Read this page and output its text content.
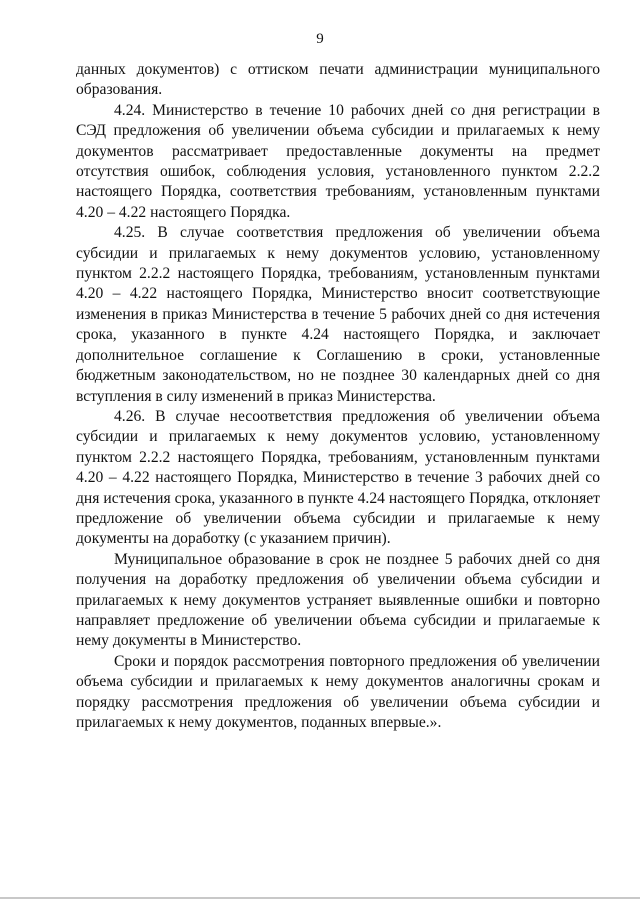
9

данных документов) с оттиском печати администрации муниципального образования.

4.24. Министерство в течение 10 рабочих дней со дня регистрации в СЭД предложения об увеличении объема субсидии и прилагаемых к нему документов рассматривает предоставленные документы на предмет отсутствия ошибок, соблюдения условия, установленного пунктом 2.2.2 настоящего Порядка, соответствия требованиям, установленным пунктами 4.20 – 4.22 настоящего Порядка.

4.25. В случае соответствия предложения об увеличении объема субсидии и прилагаемых к нему документов условию, установленному пунктом 2.2.2 настоящего Порядка, требованиям, установленным пунктами 4.20 – 4.22 настоящего Порядка, Министерство вносит соответствующие изменения в приказ Министерства в течение 5 рабочих дней со дня истечения срока, указанного в пункте 4.24 настоящего Порядка, и заключает дополнительное соглашение к Соглашению в сроки, установленные бюджетным законодательством, но не позднее 30 календарных дней со дня вступления в силу изменений в приказ Министерства.

4.26. В случае несоответствия предложения об увеличении объема субсидии и прилагаемых к нему документов условию, установленному пунктом 2.2.2 настоящего Порядка, требованиям, установленным пунктами 4.20 – 4.22 настоящего Порядка, Министерство в течение 3 рабочих дней со дня истечения срока, указанного в пункте 4.24 настоящего Порядка, отклоняет предложение об увеличении объема субсидии и прилагаемые к нему документы на доработку (с указанием причин).

Муниципальное образование в срок не позднее 5 рабочих дней со дня получения на доработку предложения об увеличении объема субсидии и прилагаемых к нему документов устраняет выявленные ошибки и повторно направляет предложение об увеличении объема субсидии и прилагаемые к нему документы в Министерство.

Сроки и порядок рассмотрения повторного предложения об увеличении объема субсидии и прилагаемых к нему документов аналогичны срокам и порядку рассмотрения предложения об увеличении объема субсидии и прилагаемых к нему документов, поданных впервые.».
